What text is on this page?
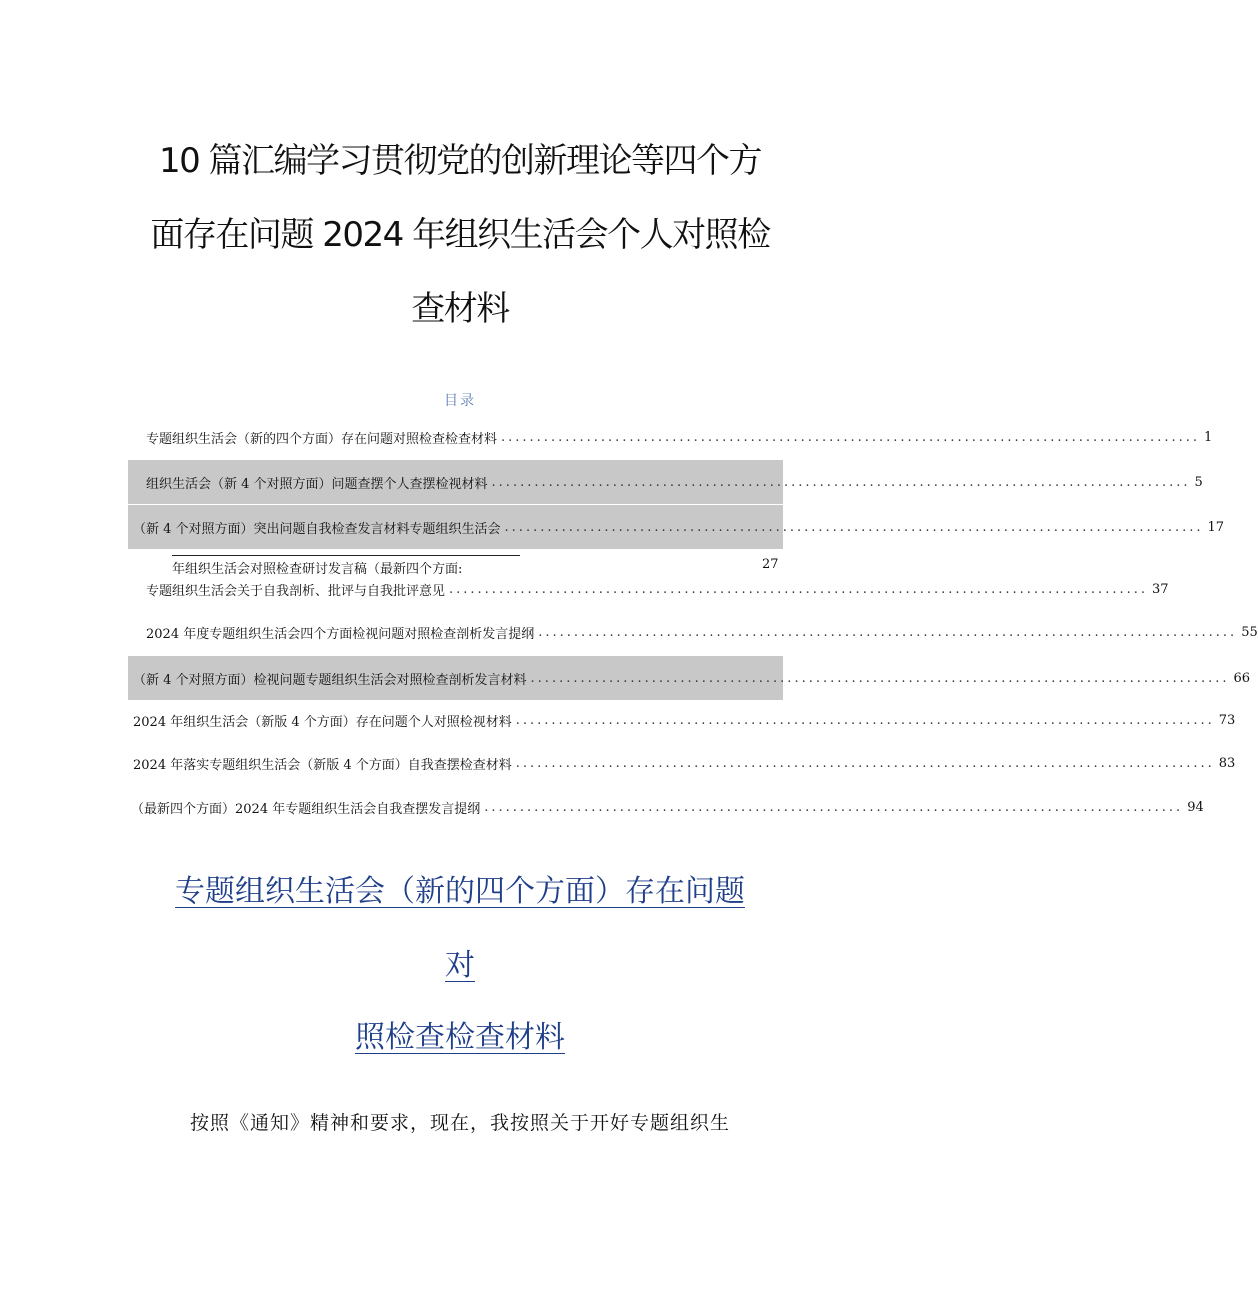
10 篇汇编学习贯彻党的创新理论等四个方
面存在问题 2024 年组织生活会个人对照检
查材料
目录
专题组织生活会（新的四个方面）存在问题对照检查检查材料 .................................................................................................. 1
组织生活会（新 4 个对照方面）问题查摆个人查摆检视材料 .................................................................................................. 5
（新 4 个对照方面）突出问题自我检查发言材料专题组织生活会 .................................................................................................. 17
年组织生活会对照检查研讨发言稿（最新四个方面:	27
专题组织生活会关于自我剖析、批评与自我批评意见 .................................................................................................. 37
2024 年度专题组织生活会四个方面检视问题对照检查剖析发言提纲 .................................................................................................. 55
（新 4 个对照方面）检视问题专题组织生活会对照检查剖析发言材料 .................................................................................................. 66
2024 年组织生活会（新版 4 个方面）存在问题个人对照检视材料 .................................................................................................. 73
2024 年落实专题组织生活会（新版 4 个方面）自我查摆检查材料 .................................................................................................. 83
（最新四个方面）2024 年专题组织生活会自我查摆发言提纲 .................................................................................................. 94
专题组织生活会（新的四个方面）存在问题
对
照检查检查材料
按照《通知》精神和要求，现在，我按照关于开好专题组织生
